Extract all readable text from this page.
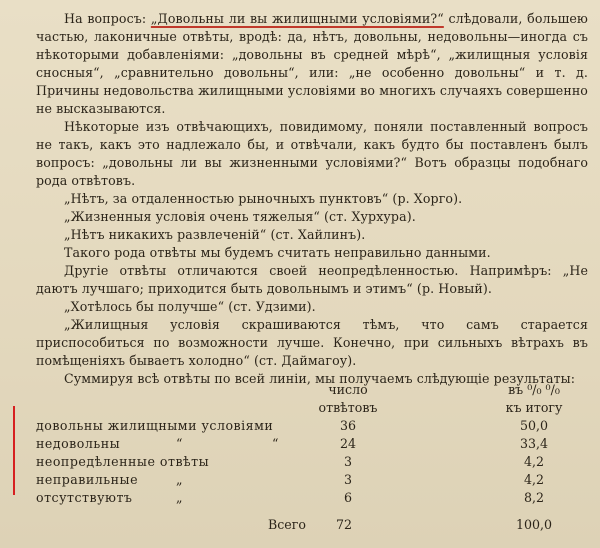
На вопросъ: „Довольны ли вы жилищными условіями?“ слѣдовали, большею частью, лаконичные отвѣты, вродѣ: да, нѣтъ, довольны, недовольны—иногда съ нѣкоторыми добавленіями: „довольны въ средней мѣрѣ“, „жилищныя условія сносныя“, „сравнительно довольны“, или: „не особенно довольны“ и т. д. Причины недовольства жилищными условіями во многихъ случаяхъ совершенно не высказываются.

Нѣкоторые изъ отвѣчающихъ, повидимому, поняли поставленный вопросъ не такъ, какъ это надлежало бы, и отвѣчали, какъ будто бы поставленъ былъ вопросъ: „довольны ли вы жизненными условіями?“ Вотъ образцы подобнаго рода отвѣтовъ.

„Нѣтъ, за отдаленностью рыночныхъ пунктовъ“ (р. Хорго).

„Жизненныя условія очень тяжелыя“ (ст. Хурхура).

„Нѣтъ никакихъ развлеченій“ (ст. Хайлинъ).

Такого рода отвѣты мы будемъ считать неправильно данными.

Другіе отвѣты отличаются своей неопредѣленностью. Напримѣръ: „Не даютъ лучшаго; приходится быть довольнымъ и этимъ“ (р. Новый).

„Хотѣлось бы получше“ (ст. Удзими).

„Жилищныя условія скрашиваются тѣмъ, что самъ старается приспособиться по возможности лучше. Конечно, при сильныхъ вѣтрахъ въ помѣщеніяхъ бываетъ холодно“ (ст. Даймагоу).

Суммируя всѣ отвѣты по всей линіи, мы получаемъ слѣдующіе результаты:

число
отвѣтовъ
въ ⁰/₀ ⁰/₀
къ итогу
довольны жилищными условіями	36	50,0
недовольны	“	“	24	33,4
неопредѣленные отвѣты	3	4,2
неправильные	„	3	4,2
отсутствуютъ	„	6	8,2
Всего 72	100,0
